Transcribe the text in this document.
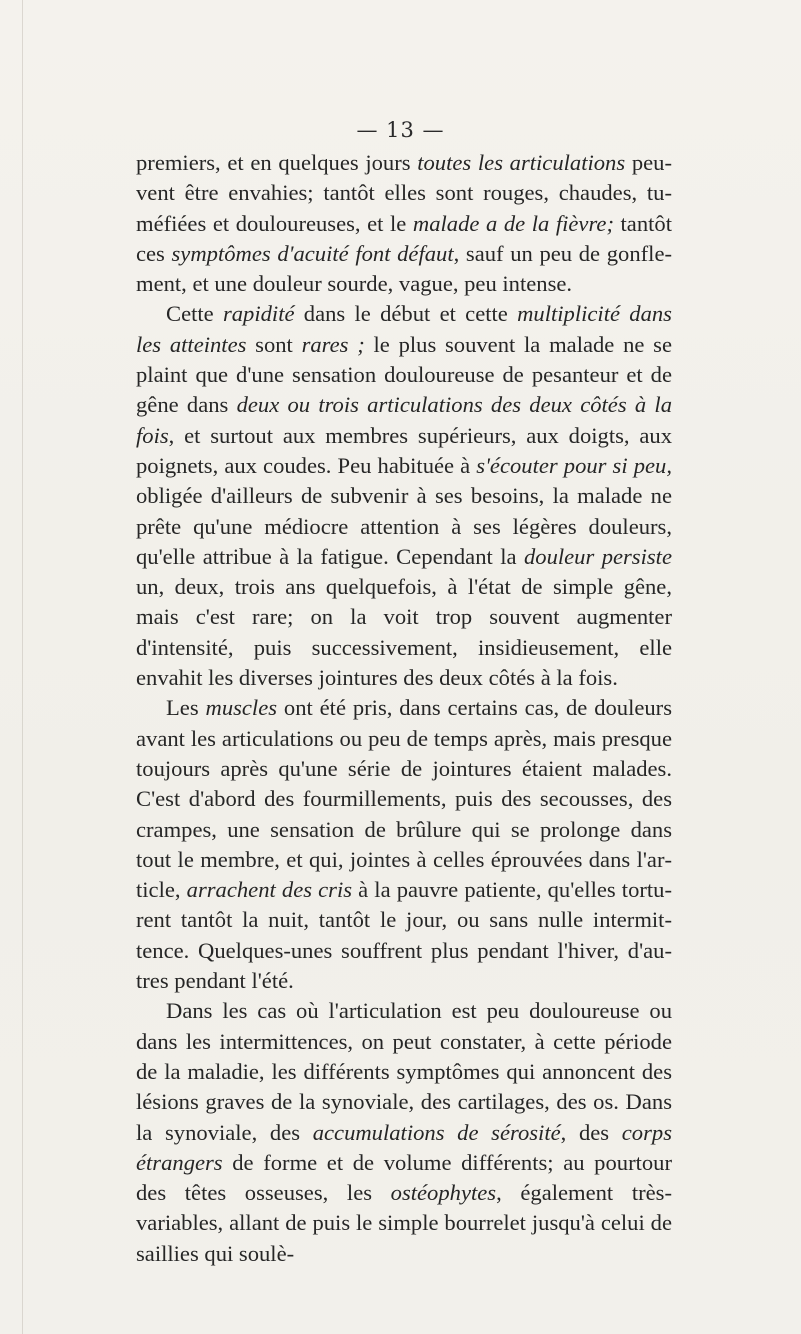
— 13 —

premiers, et en quelques jours toutes les articulations peuvent être envahies; tantôt elles sont rouges, chaudes, tuméfiées et douloureuses, et le malade a de la fièvre; tantôt ces symptômes d'acuité font défaut, sauf un peu de gonflement, et une douleur sourde, vague, peu intense.

Cette rapidité dans le début et cette multiplicité dans les atteintes sont rares ; le plus souvent la malade ne se plaint que d'une sensation douloureuse de pesanteur et de gêne dans deux ou trois articulations des deux côtés à la fois, et surtout aux membres supérieurs, aux doigts, aux poignets, aux coudes. Peu habituée à s'écouter pour si peu, obligée d'ailleurs de subvenir à ses besoins, la malade ne prête qu'une médiocre attention à ses légères douleurs, qu'elle attribue à la fatigue. Cependant la douleur persiste un, deux, trois ans quelquefois, à l'état de simple gêne, mais c'est rare; on la voit trop souvent augmenter d'intensité, puis successivement, insidieusement, elle envahit les diverses jointures des deux côtés à la fois.

Les muscles ont été pris, dans certains cas, de douleurs avant les articulations ou peu de temps après, mais presque toujours après qu'une série de jointures étaient malades. C'est d'abord des fourmillements, puis des secousses, des crampes, une sensation de brûlure qui se prolonge dans tout le membre, et qui, jointes à celles éprouvées dans l'article, arrachent des cris à la pauvre patiente, qu'elles torturent tantôt la nuit, tantôt le jour, ou sans nulle intermittence. Quelques-unes souffrent plus pendant l'hiver, d'autres pendant l'été.

Dans les cas où l'articulation est peu douloureuse ou dans les intermittences, on peut constater, à cette période de la maladie, les différents symptômes qui annoncent des lésions graves de la synoviale, des cartilages, des os. Dans la synoviale, des accumulations de sérosité, des corps étrangers de forme et de volume différents; au pourtour des têtes osseuses, les ostéophytes, également très-variables, allant de puis le simple bourrelet jusqu'à celui de saillies qui soulè-
